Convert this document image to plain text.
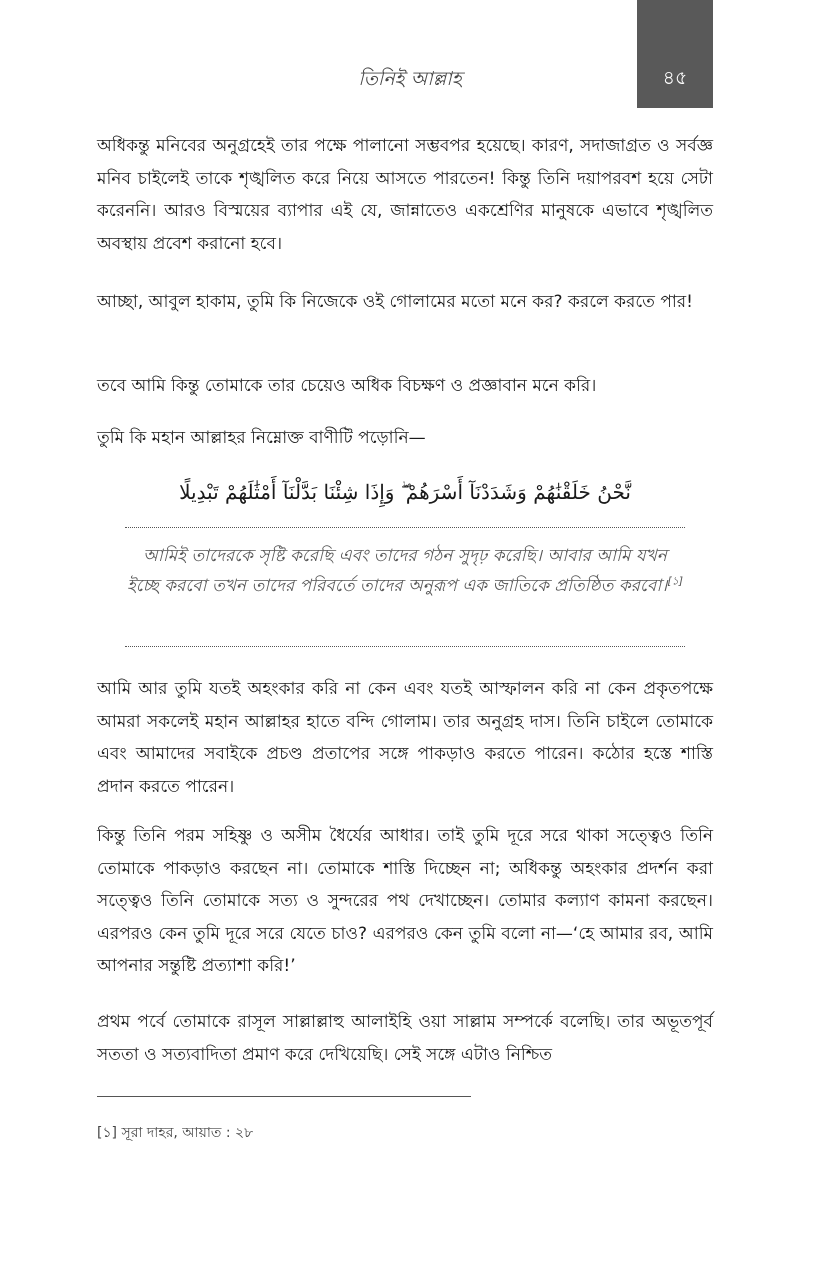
৪৫
তিনিই আল্লাহ

অধিকন্তু মনিবের অনুগ্রহেই তার পক্ষে পালানো সম্ভবপর হয়েছে। কারণ, সদাজাগ্রত ও সর্বজ্ঞ মনিব চাইলেই তাকে শৃঙ্খলিত করে নিয়ে আসতে পারতেন! কিন্তু তিনি দয়াপরবশ হয়ে সেটা করেননি। আরও বিস্ময়ের ব্যাপার এই যে, জান্নাতেও একশ্রেণির মানুষকে এভাবে শৃঙ্খলিত অবস্থায় প্রবেশ করানো হবে।

আচ্ছা, আবুল হাকাম, তুমি কি নিজেকে ওই গোলামের মতো মনে কর? করলে করতে পার!

তবে আমি কিন্তু তোমাকে তার চেয়েও অধিক বিচক্ষণ ও প্রজ্ঞাবান মনে করি।

তুমি কি মহান আল্লাহর নিম্নোক্ত বাণীটি পড়োনি—

نَّحْنُ خَلَقْنَٰهُمْ وَشَدَدْنَآ أَسْرَهُمْ ۖ وَإِذَا شِئْنَا بَدَّلْنَآ أَمْثَٰلَهُمْ تَبْدِيلًا

আমিই তাদেরকে সৃষ্টি করেছি এবং তাদের গঠন সুদৃঢ় করেছি। আবার আমি যখন ইচ্ছে করবো তখন তাদের পরিবর্তে তাদের অনুরূপ এক জাতিকে প্রতিষ্ঠিত করবো।[১]

আমি আর তুমি যতই অহংকার করি না কেন এবং যতই আস্ফালন করি না কেন প্রকৃতপক্ষে আমরা সকলেই মহান আল্লাহর হাতে বন্দি গোলাম। তার অনুগ্রহ দাস। তিনি চাইলে তোমাকে এবং আমাদের সবাইকে প্রচণ্ড প্রতাপের সঙ্গে পাকড়াও করতে পারেন। কঠোর হস্তে শাস্তি প্রদান করতে পারেন।

কিন্তু তিনি পরম সহিষ্ণু ও অসীম ধৈর্যের আধার। তাই তুমি দূরে সরে থাকা সত্ত্বেও তিনি তোমাকে পাকড়াও করছেন না। তোমাকে শাস্তি দিচ্ছেন না; অধিকন্তু অহংকার প্রদর্শন করা সত্ত্বেও তিনি তোমাকে সত্য ও সুন্দরের পথ দেখাচ্ছেন। তোমার কল্যাণ কামনা করছেন। এরপরও কেন তুমি দূরে সরে যেতে চাও? এরপরও কেন তুমি বলো না—‘হে আমার রব, আমি আপনার সন্তুষ্টি প্রত্যাশা করি!’

প্রথম পর্বে তোমাকে রাসূল সাল্লাল্লাহু আলাইহি ওয়া সাল্লাম সম্পর্কে বলেছি। তার অভূতপূর্ব সততা ও সত্যবাদিতা প্রমাণ করে দেখিয়েছি। সেই সঙ্গে এটাও নিশ্চিত

[১] সূরা দাহর, আয়াত : ২৮
